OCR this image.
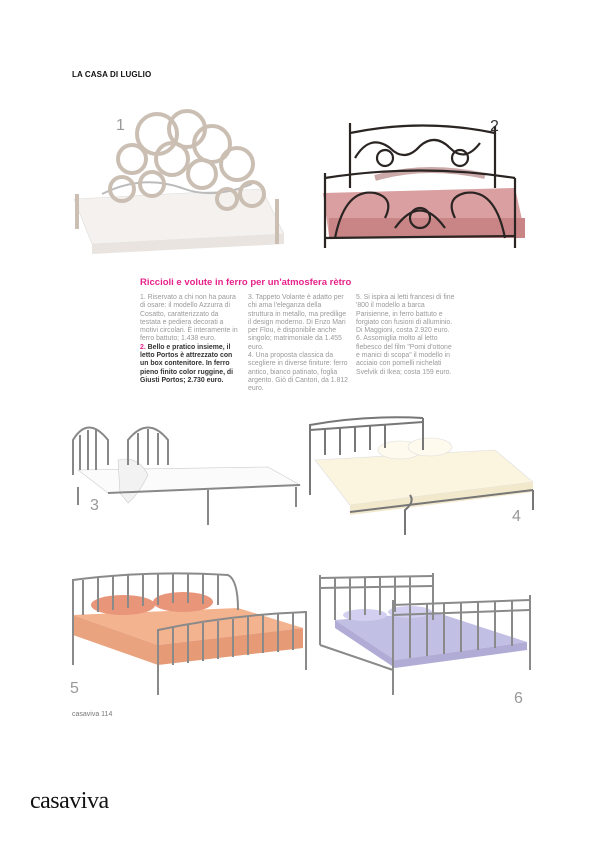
LA CASA DI LUGLIO
1	2
Riccioli e volute in ferro per un'atmosfera rètro

1. Riservato a chi non ha paura di osare: il modello Azzurra di Cosatto, caratterizzato da testata e pediera decorati a motivi circolari. È interamente in ferro battuto; 1.438 euro.

2. Bello e pratico insieme, il letto Portos è attrezzato con un box contenitore. In ferro pieno finito color ruggine, di Giusti Portos; 2.730 euro.

3. Tappeto Volante è adatto per chi ama l'eleganza della struttura in metallo, ma predilige il design moderno. Di Enzo Mari per Flou, è disponibile anche singolo; matrimoniale da 1.455 euro.

4. Una proposta classica da scegliere in diverse finiture: ferro antico, bianco patinato, foglia argento. Giò di Cantori, da 1.812 euro.

5. Si ispira ai letti francesi di fine '800 il modello a barca Parisienne, in ferro battuto e forgiato con fusioni di alluminio. Di Maggioni, costa 2.920 euro.

6. Assomiglia molto al letto flebesco del film "Pomi d'ottone e manici di scopa" il modello in acciaio con pomelli nichelati Svelvik di Ikea; costa 159 euro.

3
4
5
6
casaviva 114
casaviva
